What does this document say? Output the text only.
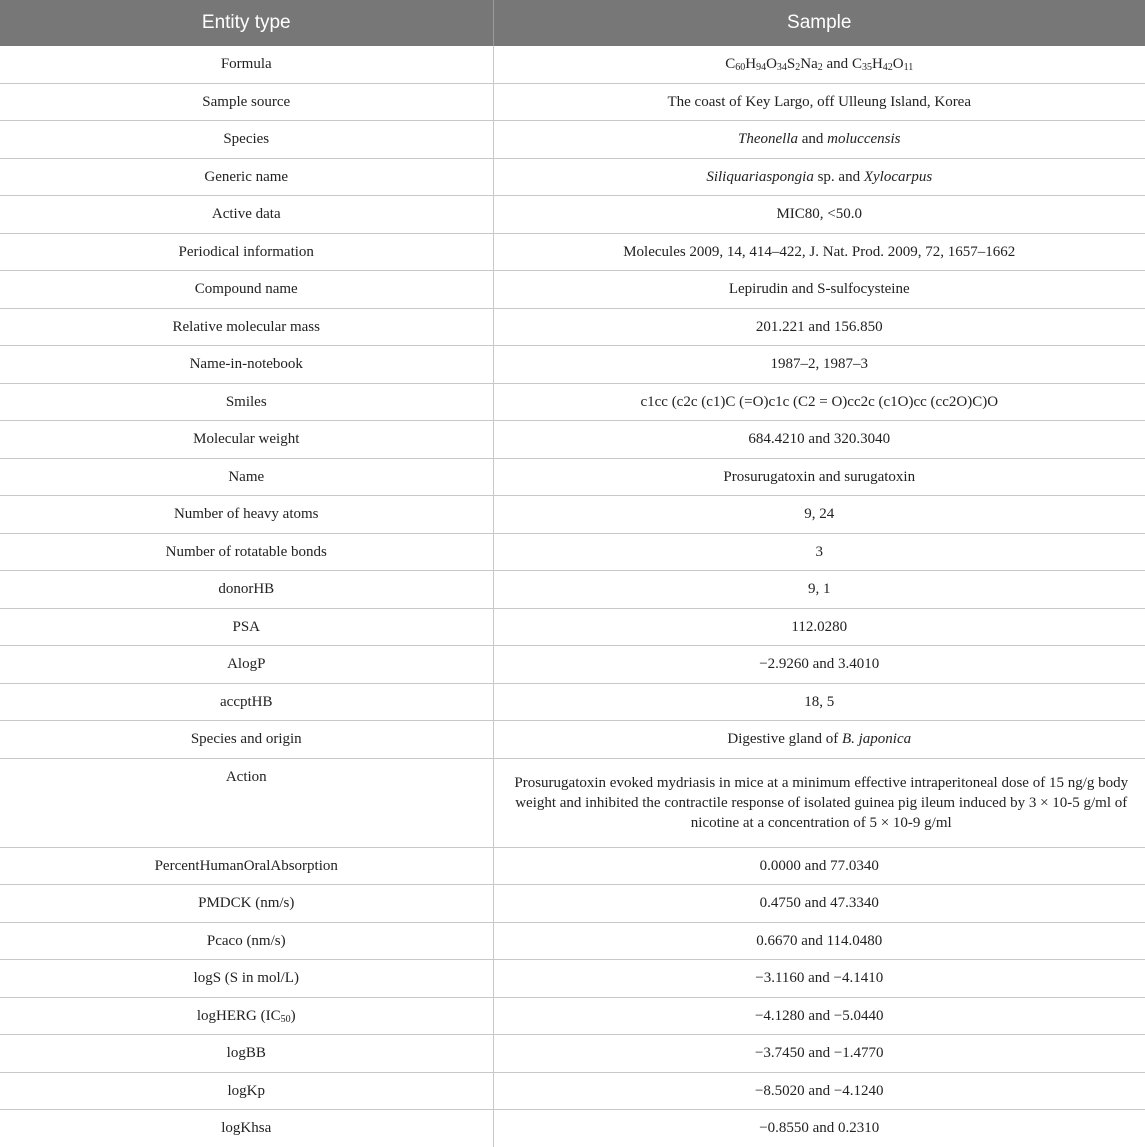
Entity type	Sample
Formula	$C_{60}H_{94}O_{34}S_2Na_2$ and $C_{35}H_{42}O_{11}$
Sample source	The coast of Key Largo, off Ulleung Island, Korea
Species	Theonella and moluccensis
Generic name	Siliquariaspongia sp. and Xylocarpus
Active data	MIC80, <50.0
Periodical information	Molecules 2009, 14, 414–422, J. Nat. Prod. 2009, 72, 1657–1662
Compound name	Lepirudin and S-sulfocysteine
Relative molecular mass	201.221 and 156.850
Name-in-notebook	1987–2, 1987–3
Smiles	c1cc (c2c (c1)C (=O)c1c (C2 = O)cc2c (c1O)cc (cc2O)C)O
Molecular weight	684.4210 and 320.3040
Name	Prosurugatoxin and surugatoxin
Number of heavy atoms	9, 24
Number of rotatable bonds	3
donorHB	9, 1
PSA	112.0280
AlogP	−2.9260 and 3.4010
accptHB	18, 5
Species and origin	Digestive gland of B. japonica
Action	Prosurugatoxin evoked mydriasis in mice at a minimum effective intraperitoneal dose of 15 ng/g body weight and inhibited the contractile response of isolated guinea pig ileum induced by 3 × 10-5 g/ml of nicotine at a concentration of 5 × 10-9 g/ml
PercentHumanOralAbsorption	0.0000 and 77.0340
PMDCK (nm/s)	0.4750 and 47.3340
Pcaco (nm/s)	0.6670 and 114.0480
logS (S in mol/L)	−3.1160 and −4.1410
logHERG $(IC_{50})$	−4.1280 and −5.0440
logBB	−3.7450 and −1.4770
logKp	−8.5020 and −4.1240
logKhsa	−0.8550 and 0.2310
